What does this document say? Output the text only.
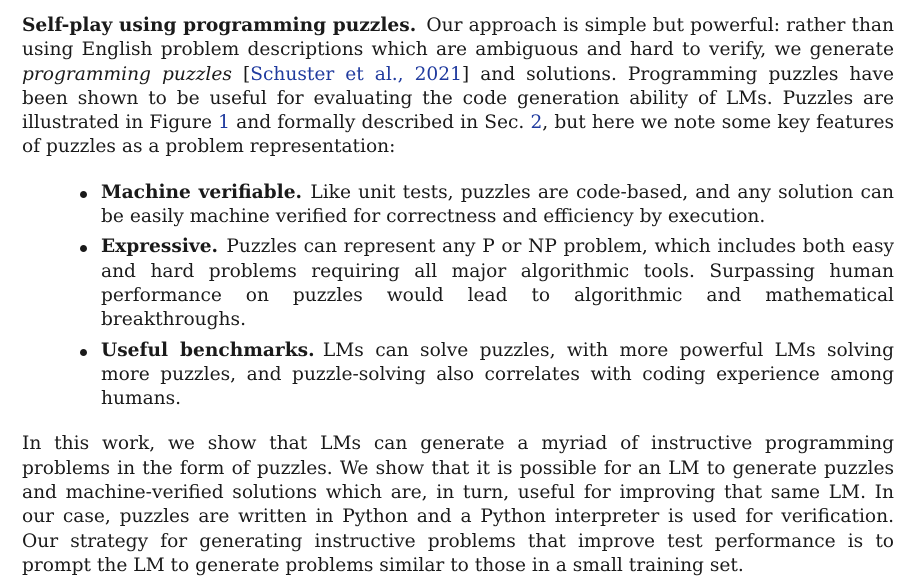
Self-play using programming puzzles. Our approach is simple but powerful: rather than using English problem descriptions which are ambiguous and hard to verify, we generate programming puzzles [Schuster et al., 2021] and solutions. Programming puzzles have been shown to be useful for evaluating the code generation ability of LMs. Puzzles are illustrated in Figure 1 and formally described in Sec. 2, but here we note some key features of puzzles as a problem representation:

Machine verifiable. Like unit tests, puzzles are code-based, and any solution can be easily machine verified for correctness and efficiency by execution.
Expressive. Puzzles can represent any P or NP problem, which includes both easy and hard problems requiring all major algorithmic tools. Surpassing human performance on puzzles would lead to algorithmic and mathematical breakthroughs.
Useful benchmarks. LMs can solve puzzles, with more powerful LMs solving more puzzles, and puzzle-solving also correlates with coding experience among humans.

In this work, we show that LMs can generate a myriad of instructive programming problems in the form of puzzles. We show that it is possible for an LM to generate puzzles and machine-verified solutions which are, in turn, useful for improving that same LM. In our case, puzzles are written in Python and a Python interpreter is used for verification. Our strategy for generating instructive problems that improve test performance is to prompt the LM to generate problems similar to those in a small training set.
